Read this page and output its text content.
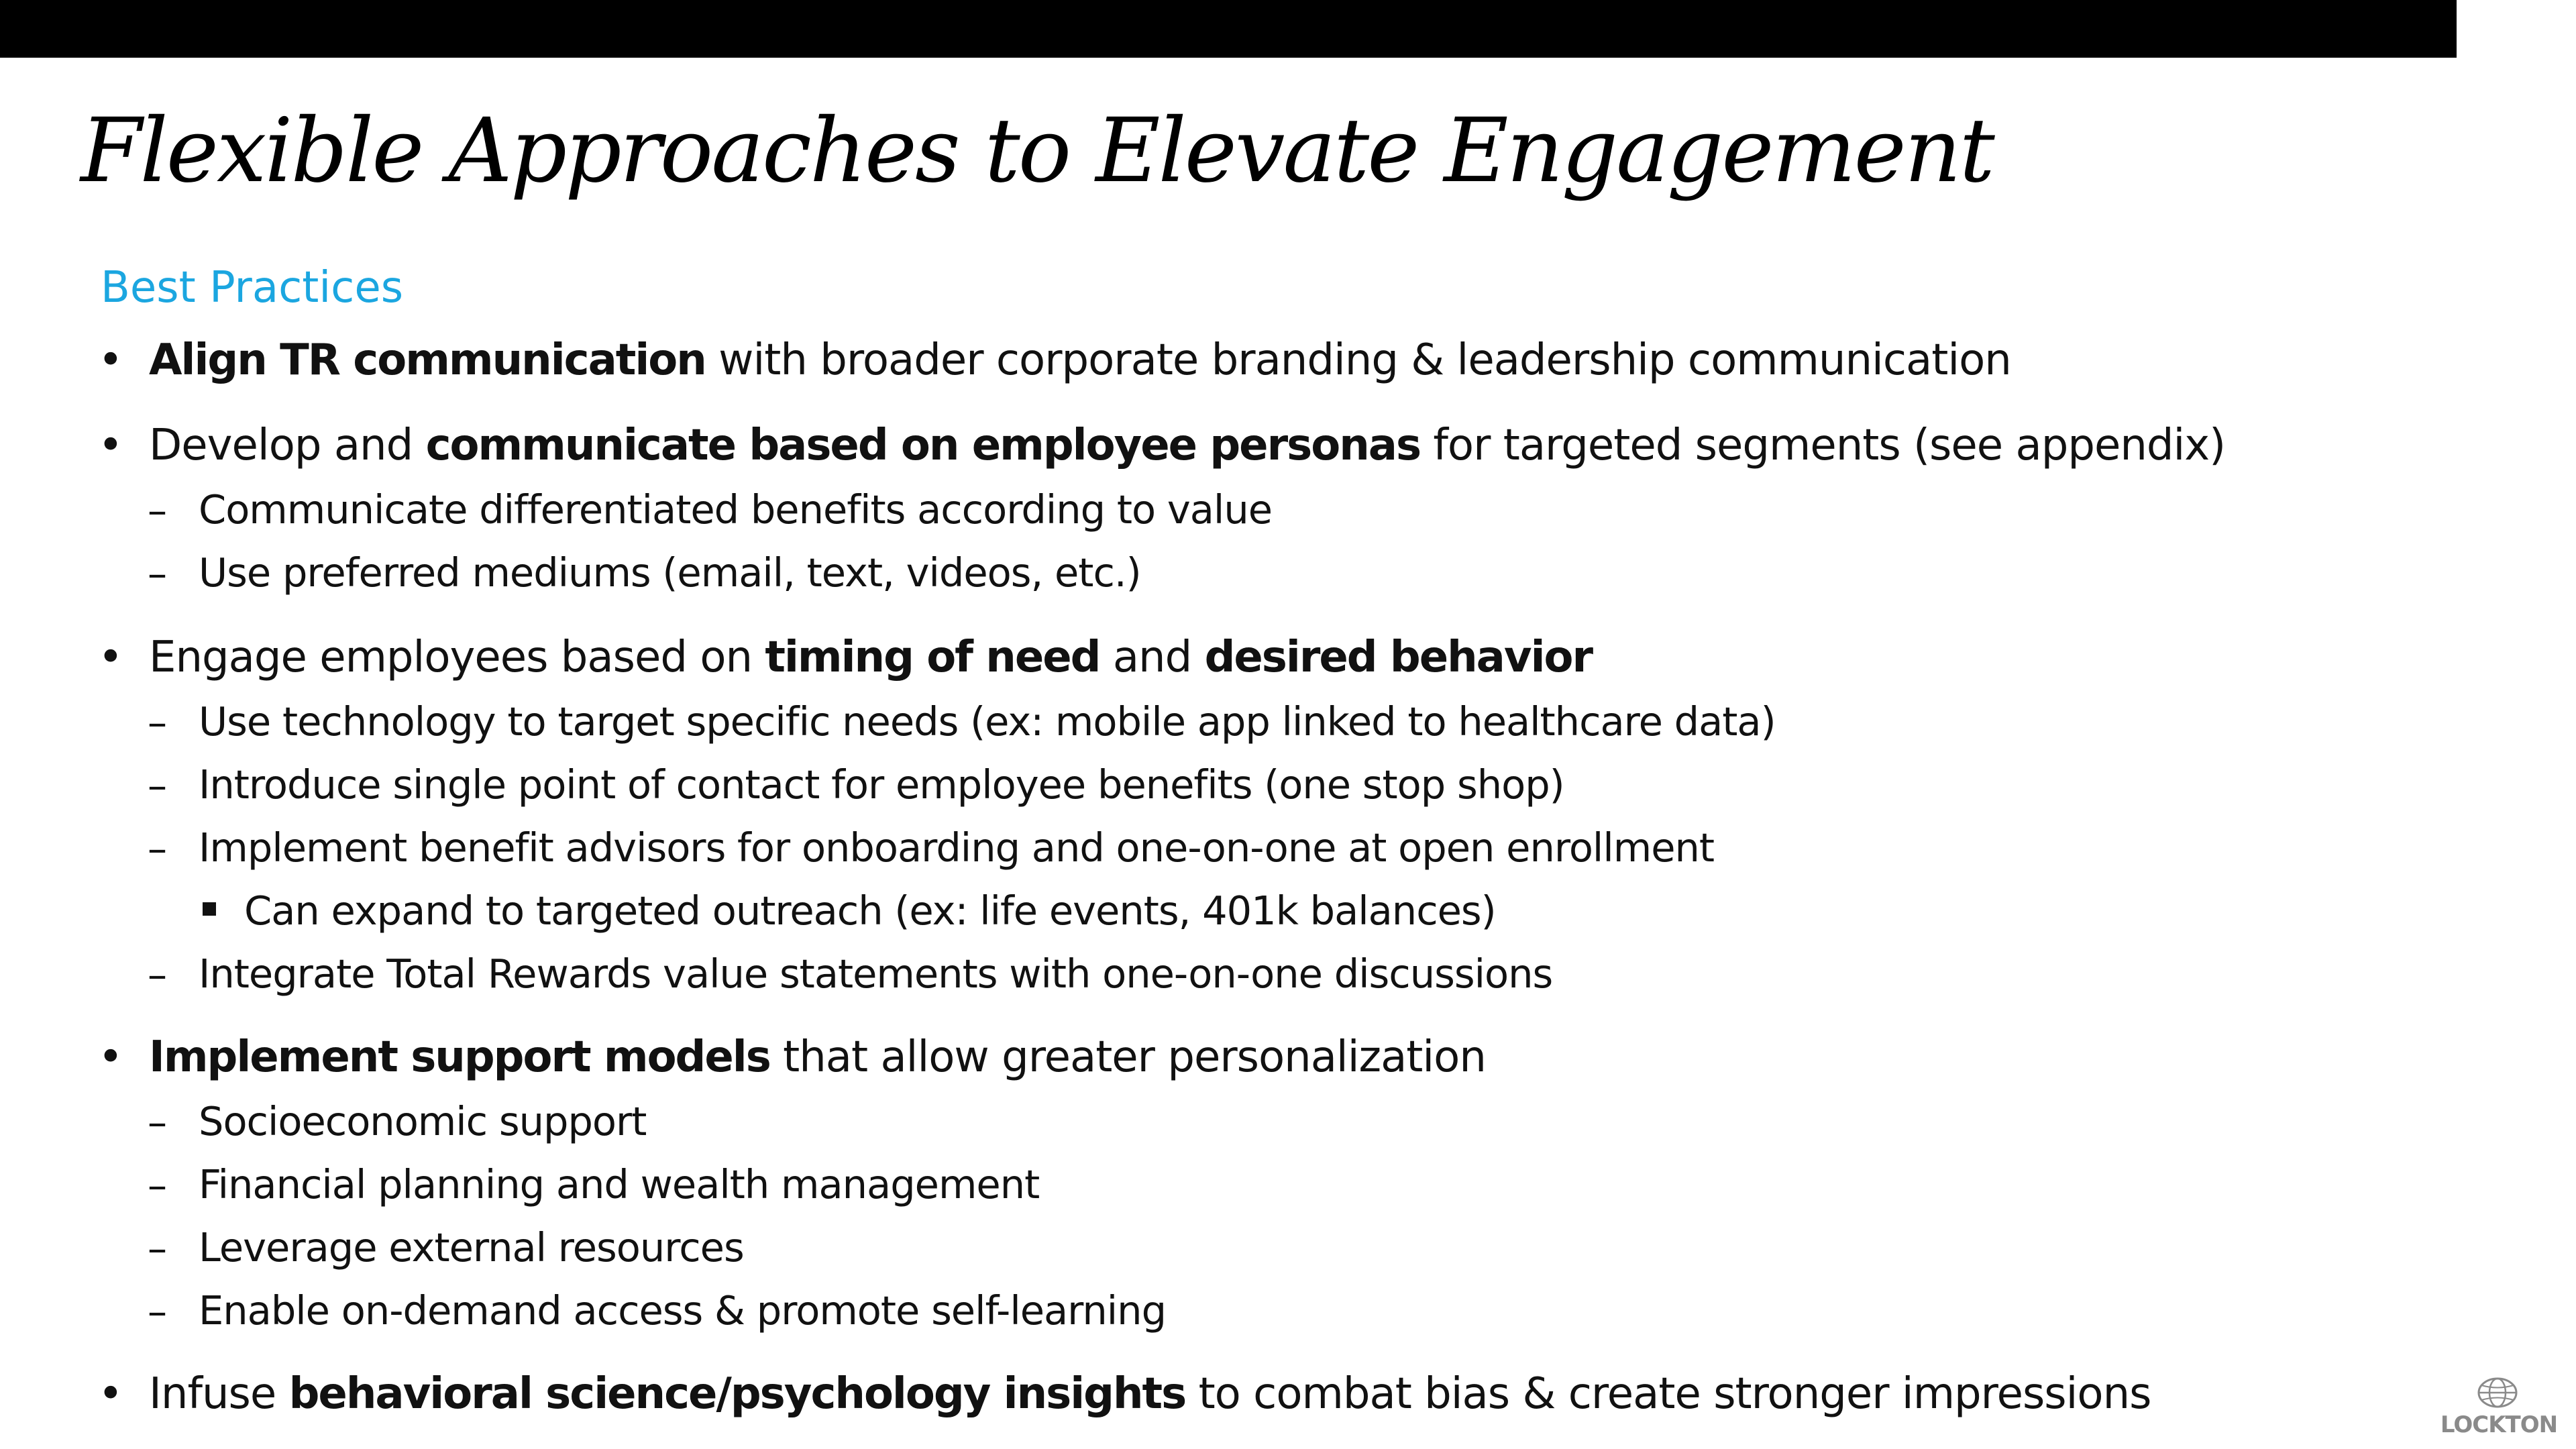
Flexible Approaches to Elevate Engagement
Best Practices
• Align TR communication with broader corporate branding & leadership communication
• Develop and communicate based on employee personas for targeted segments (see appendix)
– Communicate differentiated benefits according to value
– Use preferred mediums (email, text, videos, etc.)
• Engage employees based on timing of need and desired behavior
– Use technology to target specific needs (ex: mobile app linked to healthcare data)
– Introduce single point of contact for employee benefits (one stop shop)
– Implement benefit advisors for onboarding and one-on-one at open enrollment
Can expand to targeted outreach (ex: life events, 401k balances)
– Integrate Total Rewards value statements with one-on-one discussions
• Implement support models that allow greater personalization
– Socioeconomic support
– Financial planning and wealth management
– Leverage external resources
– Enable on-demand access & promote self-learning
• Infuse behavioral science/psychology insights to combat bias & create stronger impressions
LOCKTON
